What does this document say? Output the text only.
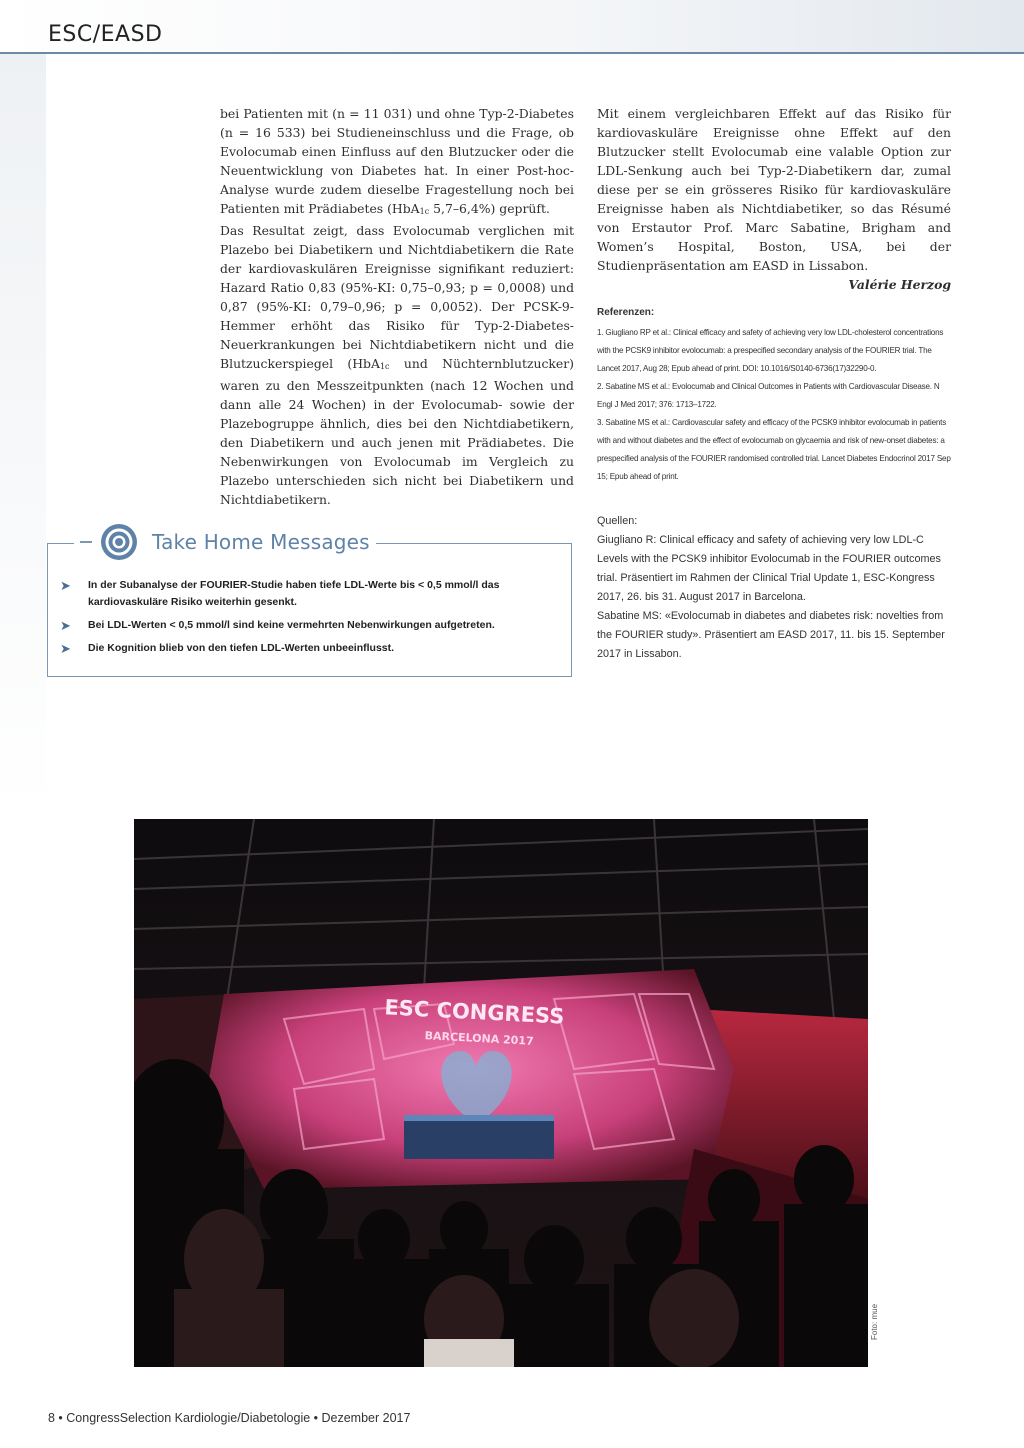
ESC/EASD

bei Patienten mit (n = 11 031) und ohne Typ-2-Diabetes (n = 16 533) bei Studieneinschluss und die Frage, ob Evolocumab einen Einfluss auf den Blutzucker oder die Neuentwicklung von Diabetes hat. In einer Post-hoc-Analyse wurde zudem dieselbe Fragestellung noch bei Patienten mit Prädiabetes (HbA$_{1c}$ 5,7–6,4%) geprüft.

Das Resultat zeigt, dass Evolocumab verglichen mit Plazebo bei Diabetikern und Nichtdiabetikern die Rate der kardiovaskulären Ereignisse signifikant reduziert: Hazard Ratio 0,83 (95%-KI: 0,75–0,93; p = 0,0008) und 0,87 (95%-KI: 0,79–0,96; p = 0,0052). Der PCSK-9-Hemmer erhöht das Risiko für Typ-2-Diabetes-Neuerkrankungen bei Nichtdiabetikern nicht und die Blutzuckerspiegel (HbA$_{1c}$ und Nüchternblutzucker) waren zu den Messzeitpunkten (nach 12 Wochen und dann alle 24 Wochen) in der Evolocumab- sowie der Plazebogruppe ähnlich, dies bei den Nichtdiabetikern, den Diabetikern und auch jenen mit Prädiabetes. Die Nebenwirkungen von Evolocumab im Vergleich zu Plazebo unterschieden sich nicht bei Diabetikern und Nichtdiabetikern.

Mit einem vergleichbaren Effekt auf das Risiko für kardiovaskuläre Ereignisse ohne Effekt auf den Blutzucker stellt Evolocumab eine valable Option zur LDL-Senkung auch bei Typ-2-Diabetikern dar, zumal diese per se ein grösseres Risiko für kardiovaskuläre Ereignisse haben als Nichtdiabetiker, so das Résumé von Erstautor Prof. Marc Sabatine, Brigham and Women’s Hospital, Boston, USA, bei der Studienpräsentation am EASD in Lissabon.

Valérie Herzog

Referenzen:

1. Giugliano RP et al.: Clinical efficacy and safety of achieving very low LDL-cholesterol concentrations with the PCSK9 inhibitor evolocumab: a prespecified secondary analysis of the FOURIER trial. The Lancet 2017, Aug 28; Epub ahead of print. DOI: 10.1016/S0140-6736(17)32290-0.

2. Sabatine MS et al.: Evolocumab and Clinical Outcomes in Patients with Cardiovascular Disease. N Engl J Med 2017; 376: 1713–1722.

3. Sabatine MS et al.: Cardiovascular safety and efficacy of the PCSK9 inhibitor evolocumab in patients with and without diabetes and the effect of evolocumab on glycaemia and risk of new-onset diabetes: a prespecified analysis of the FOURIER randomised controlled trial. Lancet Diabetes Endocrinol 2017 Sep 15; Epub ahead of print.

Quellen:

Giugliano R: Clinical efficacy and safety of achieving very low LDL-C Levels with the PCSK9 inhibitor Evolocumab in the FOURIER outcomes trial. Präsentiert im Rahmen der Clinical Trial Update 1, ESC-Kongress 2017, 26. bis 31. August 2017 in Barcelona.

Sabatine MS: «Evolocumab in diabetes and diabetes risk: novelties from the FOURIER study». Präsentiert am EASD 2017, 11. bis 15. September 2017 in Lissabon.

Take Home Messages
➤ In der Subanalyse der FOURIER-Studie haben tiefe LDL-Werte bis < 0,5 mmol/l das kardiovaskuläre Risiko weiterhin gesenkt.
➤ Bei LDL-Werten < 0,5 mmol/l sind keine vermehrten Nebenwirkungen aufgetreten.
➤ Die Kognition blieb von den tiefen LDL-Werten unbeeinflusst.
ESC CONGRESS
BARCELONA 2017
Foto: mue

8 • CongressSelection Kardiologie/Diabetologie • Dezember 2017
